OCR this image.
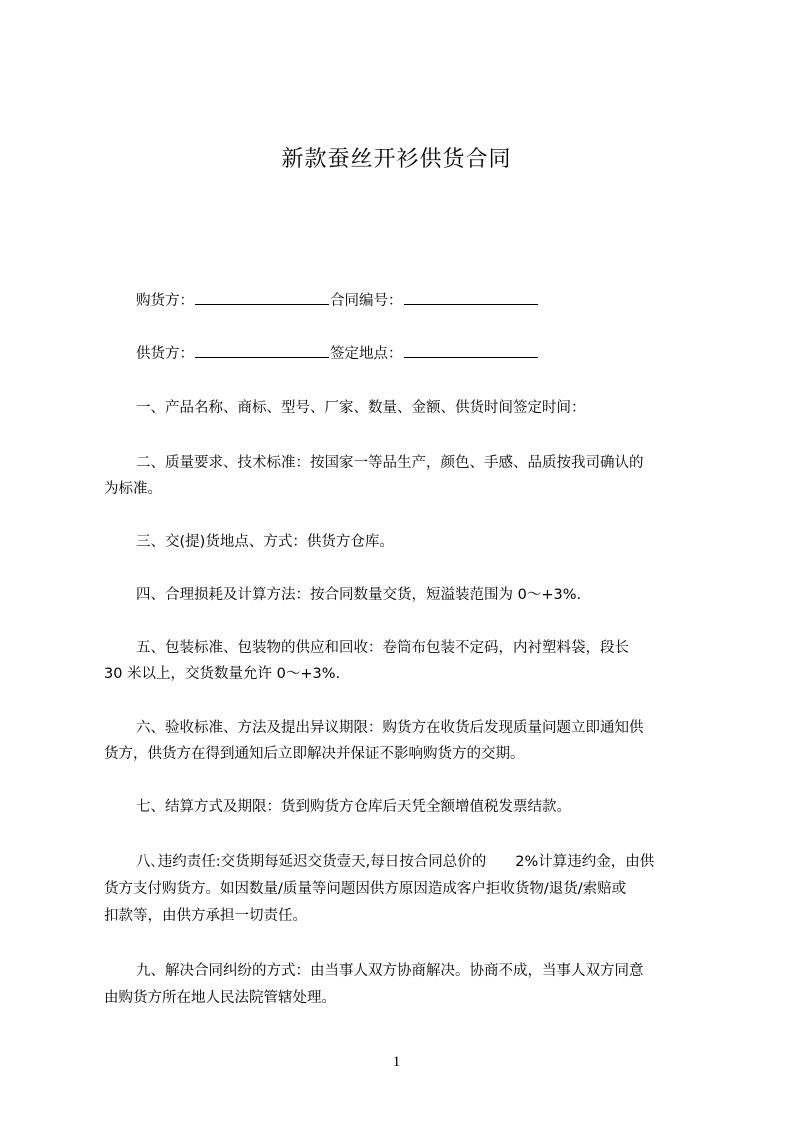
新款蚕丝开衫供货合同
购货方：	合同编号：
供货方：	签定地点：
一、产品名称、商标、型号、厂家、数量、金额、供货时间签定时间：
二、质量要求、技术标准：按国家一等品生产，颜色、手感、品质按我司确认的
为标准。
三、交(提)货地点、方式：供货方仓库。
四、合理损耗及计算方法：按合同数量交货，短溢装范围为 0～+3%.
五、包装标准、包装物的供应和回收：卷筒布包装不定码，内衬塑料袋，段长
30 米以上，交货数量允许 0～+3%.
六、验收标准、方法及提出异议期限：购货方在收货后发现质量问题立即通知供
货方，供货方在得到通知后立即解决并保证不影响购货方的交期。
七、结算方式及期限：货到购货方仓库后天凭全额增值税发票结款。
八､违约责任:交货期每延迟交货壹天,每日按合同总价的　　2%计算违约金，由供
货方支付购货方。如因数量/质量等问题因供方原因造成客户拒收货物/退货/索赔或
扣款等，由供方承担一切责任。
九、解决合同纠纷的方式：由当事人双方协商解决。协商不成，当事人双方同意
由购货方所在地人民法院管辖处理。
1
